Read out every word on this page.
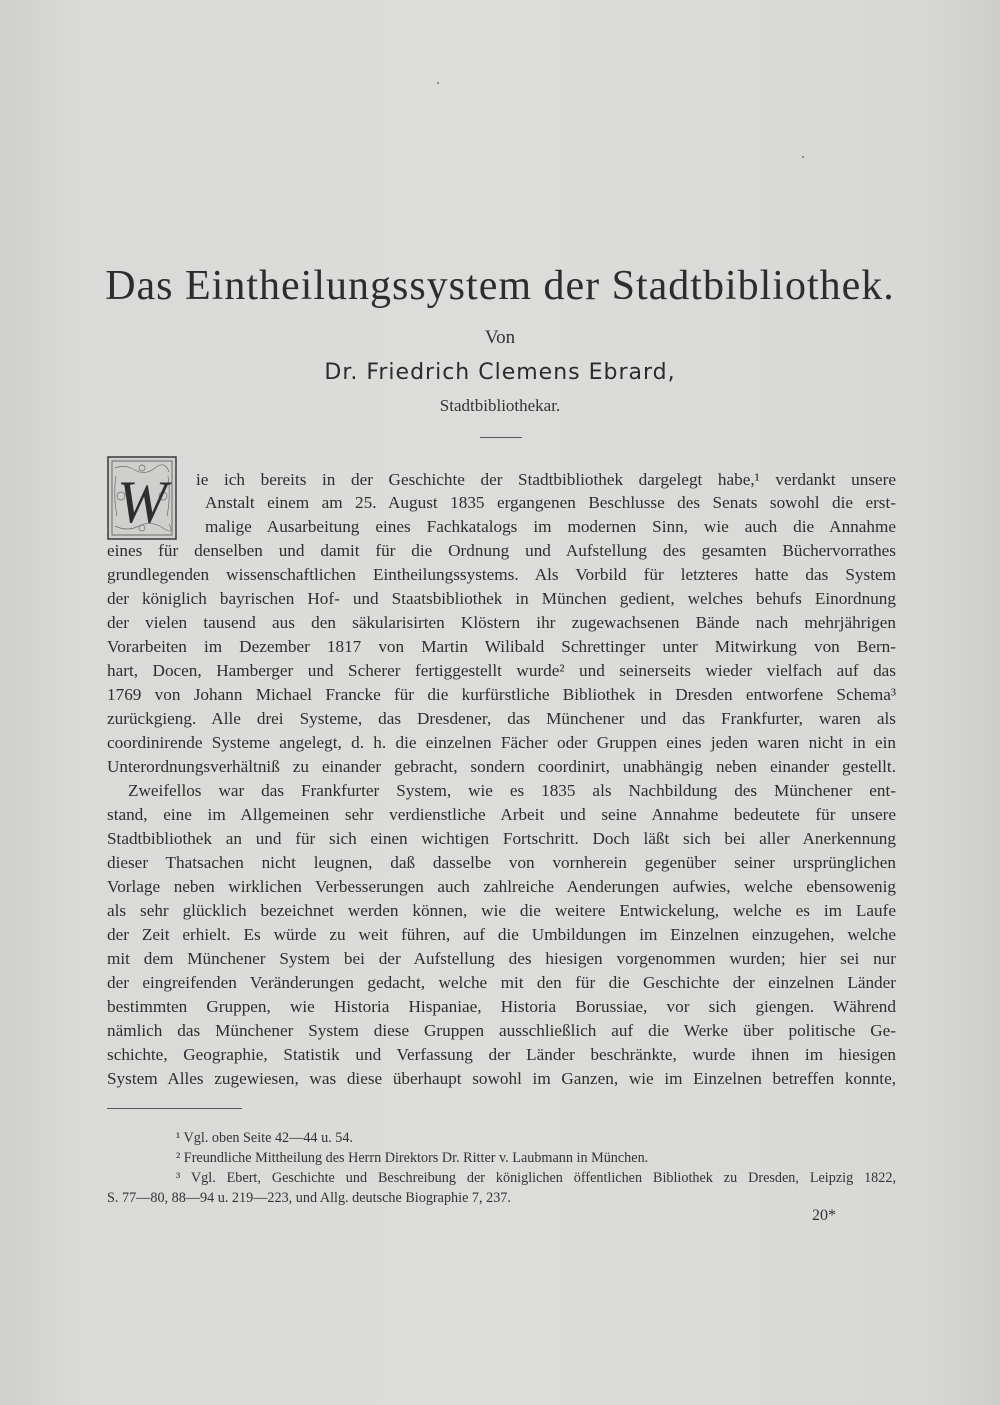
Das Eintheilungssystem der Stadtbibliothek.
Von
Dr. Friedrich Clemens Ebrard,
Stadtbibliothekar.
W ie ich bereits in der Geschichte der Stadtbibliothek dargelegt habe,¹ verdankt unsere
Anstalt einem am 25. August 1835 ergangenen Beschlusse des Senats sowohl die erst-
malige Ausarbeitung eines Fachkatalogs im modernen Sinn, wie auch die Annahme
eines für denselben und damit für die Ordnung und Aufstellung des gesamten Büchervorrathes
grundlegenden wissenschaftlichen Eintheilungssystems. Als Vorbild für letzteres hatte das System
der königlich bayrischen Hof- und Staatsbibliothek in München gedient, welches behufs Einordnung
der vielen tausend aus den säkularisirten Klöstern ihr zugewachsenen Bände nach mehrjährigen
Vorarbeiten im Dezember 1817 von Martin Wilibald Schrettinger unter Mitwirkung von Bern-
hart, Docen, Hamberger und Scherer fertiggestellt wurde² und seinerseits wieder vielfach auf das
1769 von Johann Michael Francke für die kurfürstliche Bibliothek in Dresden entworfene Schema³
zurückgieng. Alle drei Systeme, das Dresdener, das Münchener und das Frankfurter, waren als
coordinirende Systeme angelegt, d. h. die einzelnen Fächer oder Gruppen eines jeden waren nicht in ein
Unterordnungsverhältniß zu einander gebracht, sondern coordinirt, unabhängig neben einander gestellt.
Zweifellos war das Frankfurter System, wie es 1835 als Nachbildung des Münchener ent-
stand, eine im Allgemeinen sehr verdienstliche Arbeit und seine Annahme bedeutete für unsere
Stadtbibliothek an und für sich einen wichtigen Fortschritt. Doch läßt sich bei aller Anerkennung
dieser Thatsachen nicht leugnen, daß dasselbe von vornherein gegenüber seiner ursprünglichen
Vorlage neben wirklichen Verbesserungen auch zahlreiche Aenderungen aufwies, welche ebensowenig
als sehr glücklich bezeichnet werden können, wie die weitere Entwickelung, welche es im Laufe
der Zeit erhielt. Es würde zu weit führen, auf die Umbildungen im Einzelnen einzugehen, welche
mit dem Münchener System bei der Aufstellung des hiesigen vorgenommen wurden; hier sei nur
der eingreifenden Veränderungen gedacht, welche mit den für die Geschichte der einzelnen Länder
bestimmten Gruppen, wie Historia Hispaniae, Historia Borussiae, vor sich giengen. Während
nämlich das Münchener System diese Gruppen ausschließlich auf die Werke über politische Ge-
schichte, Geographie, Statistik und Verfassung der Länder beschränkte, wurde ihnen im hiesigen
System Alles zugewiesen, was diese überhaupt sowohl im Ganzen, wie im Einzelnen betreffen konnte,
¹ Vgl. oben Seite 42—44 u. 54.
² Freundliche Mittheilung des Herrn Direktors Dr. Ritter v. Laubmann in München.
³ Vgl. Ebert, Geschichte und Beschreibung der königlichen öffentlichen Bibliothek zu Dresden, Leipzig 1822,
S. 77—80, 88—94 u. 219—223, und Allg. deutsche Biographie 7, 237.
20*
